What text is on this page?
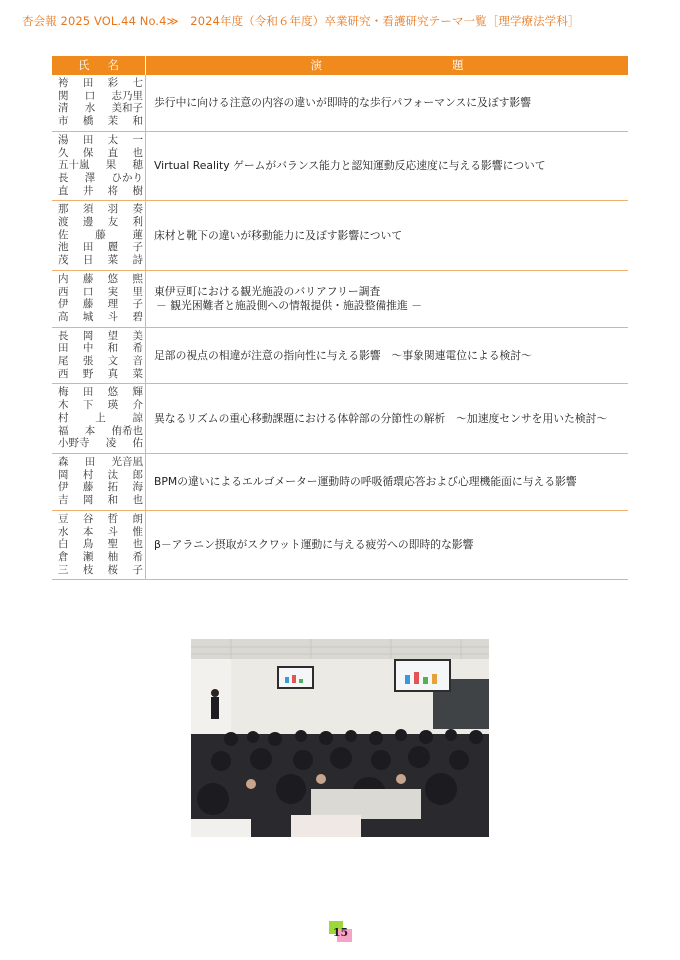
杏会報 2025 VOL.44 No.4≫　2024年度（令和６年度）卒業研究・看護研究テーマ一覧［理学療法学科］
氏名	演題
袴 田 彩 七
関 口 志乃里
清 水 美和子
市 橋 茉 和
歩行中に向ける注意の内容の違いが即時的な歩行パフォーマンスに及ぼす影響
湯 田 太 一
久 保 直 也
五十嵐 果 穂
長 澤 ひかり
直 井 将 樹
Virtual Reality ゲームがバランス能力と認知運動反応速度に与える影響について
那 須 羽 奏
渡 邊 友 利
佐	藤	蓮
池 田 麗 子
茂 日 菜 詩
床材と靴下の違いが移動能力に及ぼす影響について
内 藤 悠 熙
西 口 実 里
伊 藤 理 子
高 城 斗 碧
東伊豆町における観光施設のバリアフリー調査
－ 観光困難者と施設側への情報提供・施設整備推進 －
長 岡 望 美
田 中 和 希
尾 張 文 音
西 野 真 菜
足部の視点の相違が注意の指向性に与える影響　～事象関連電位による検討～
梅 田 悠 輝
木 下 瑛 介
村	上	諒
福 本 侑希也
小野寺 凌 佑
異なるリズムの重心移動課題における体幹部の分節性の解析　～加速度センサを用いた検討～
森 田 光音凪
岡 村 汰 郎
伊 藤 拓 海
吉 岡 和 也
BPMの違いによるエルゴメーター運動時の呼吸循環応答および心理機能面に与える影響
豆 谷 哲 朗
水 本 斗 惟
白 鳥 聖 也
倉 瀬 柚 希
三 枝 桜 子
β－アラニン摂取がスクワット運動に与える疲労への即時的な影響
15
